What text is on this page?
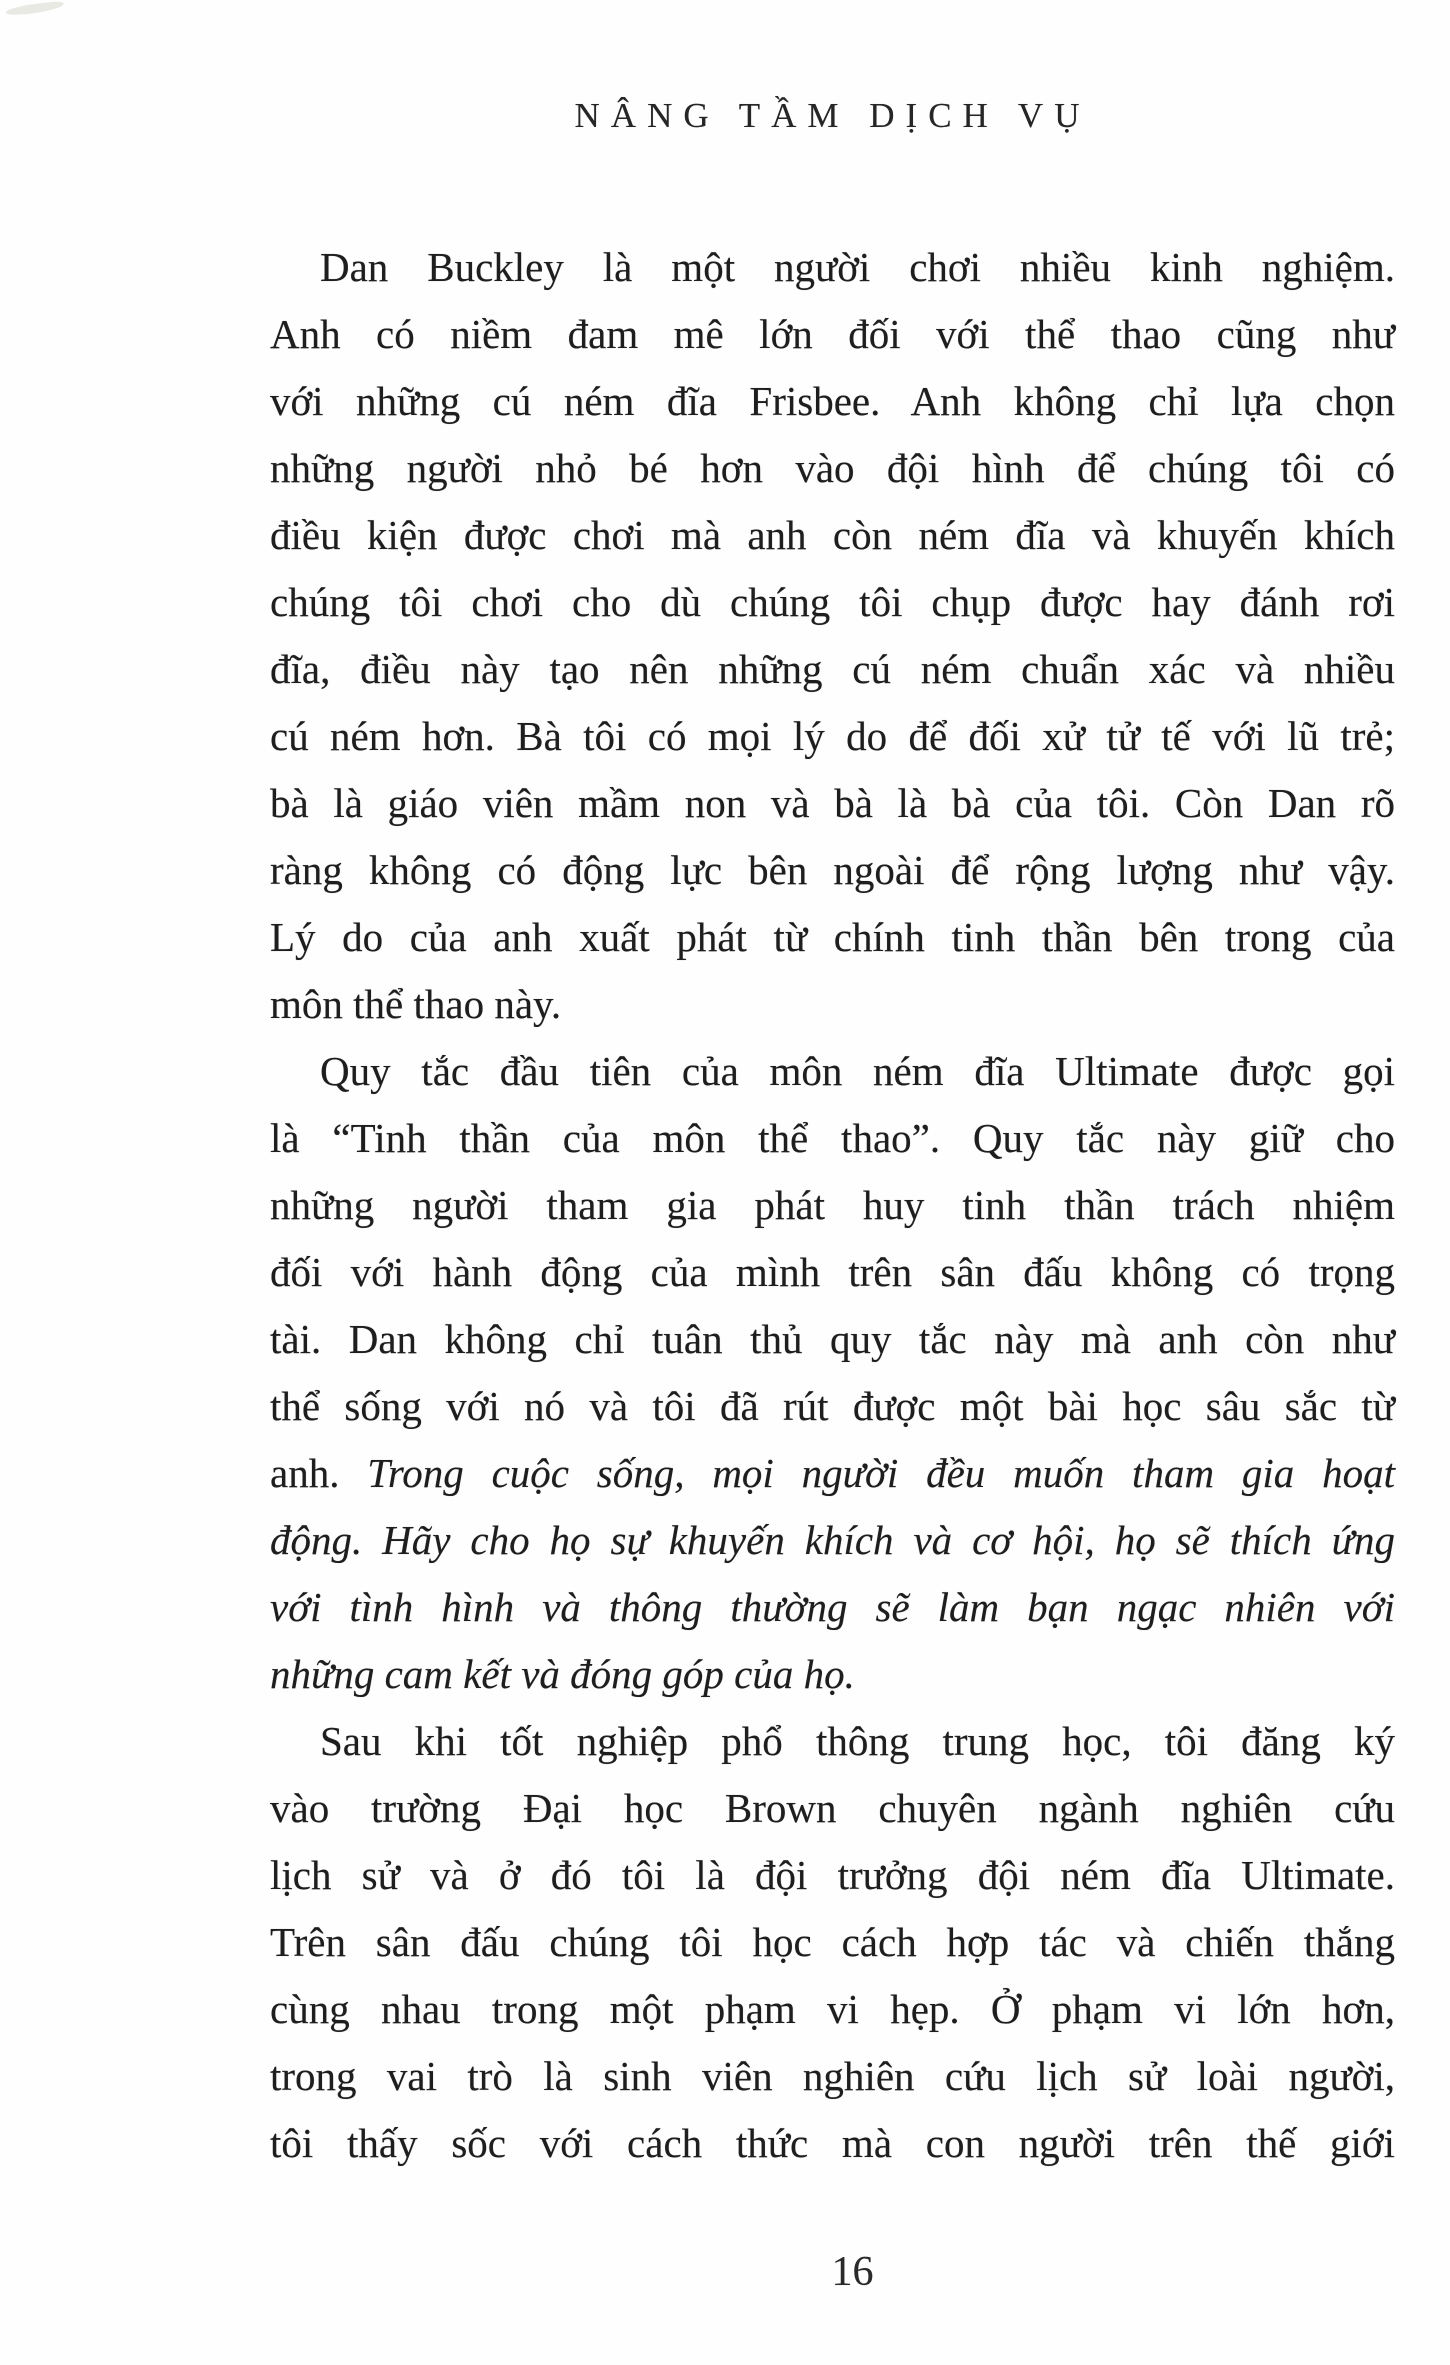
NÂNG TẦM DỊCH VỤ
Dan Buckley là một người chơi nhiều kinh nghiệm.
Anh có niềm đam mê lớn đối với thể thao cũng như
với những cú ném đĩa Frisbee. Anh không chỉ lựa chọn
những người nhỏ bé hơn vào đội hình để chúng tôi có
điều kiện được chơi mà anh còn ném đĩa và khuyến khích
chúng tôi chơi cho dù chúng tôi chụp được hay đánh rơi
đĩa, điều này tạo nên những cú ném chuẩn xác và nhiều
cú ném hơn. Bà tôi có mọi lý do để đối xử tử tế với lũ trẻ;
bà là giáo viên mầm non và bà là bà của tôi. Còn Dan rõ
ràng không có động lực bên ngoài để rộng lượng như vậy.
Lý do của anh xuất phát từ chính tinh thần bên trong của
môn thể thao này.
Quy tắc đầu tiên của môn ném đĩa Ultimate được gọi
là “Tinh thần của môn thể thao”. Quy tắc này giữ cho
những người tham gia phát huy tinh thần trách nhiệm
đối với hành động của mình trên sân đấu không có trọng
tài. Dan không chỉ tuân thủ quy tắc này mà anh còn như
thể sống với nó và tôi đã rút được một bài học sâu sắc từ
anh. Trong cuộc sống, mọi người đều muốn tham gia hoạt
động. Hãy cho họ sự khuyến khích và cơ hội, họ sẽ thích ứng
với tình hình và thông thường sẽ làm bạn ngạc nhiên với
những cam kết và đóng góp của họ.
Sau khi tốt nghiệp phổ thông trung học, tôi đăng ký
vào trường Đại học Brown chuyên ngành nghiên cứu
lịch sử và ở đó tôi là đội trưởng đội ném đĩa Ultimate.
Trên sân đấu chúng tôi học cách hợp tác và chiến thắng
cùng nhau trong một phạm vi hẹp. Ở phạm vi lớn hơn,
trong vai trò là sinh viên nghiên cứu lịch sử loài người,
tôi thấy sốc với cách thức mà con người trên thế giới
16
